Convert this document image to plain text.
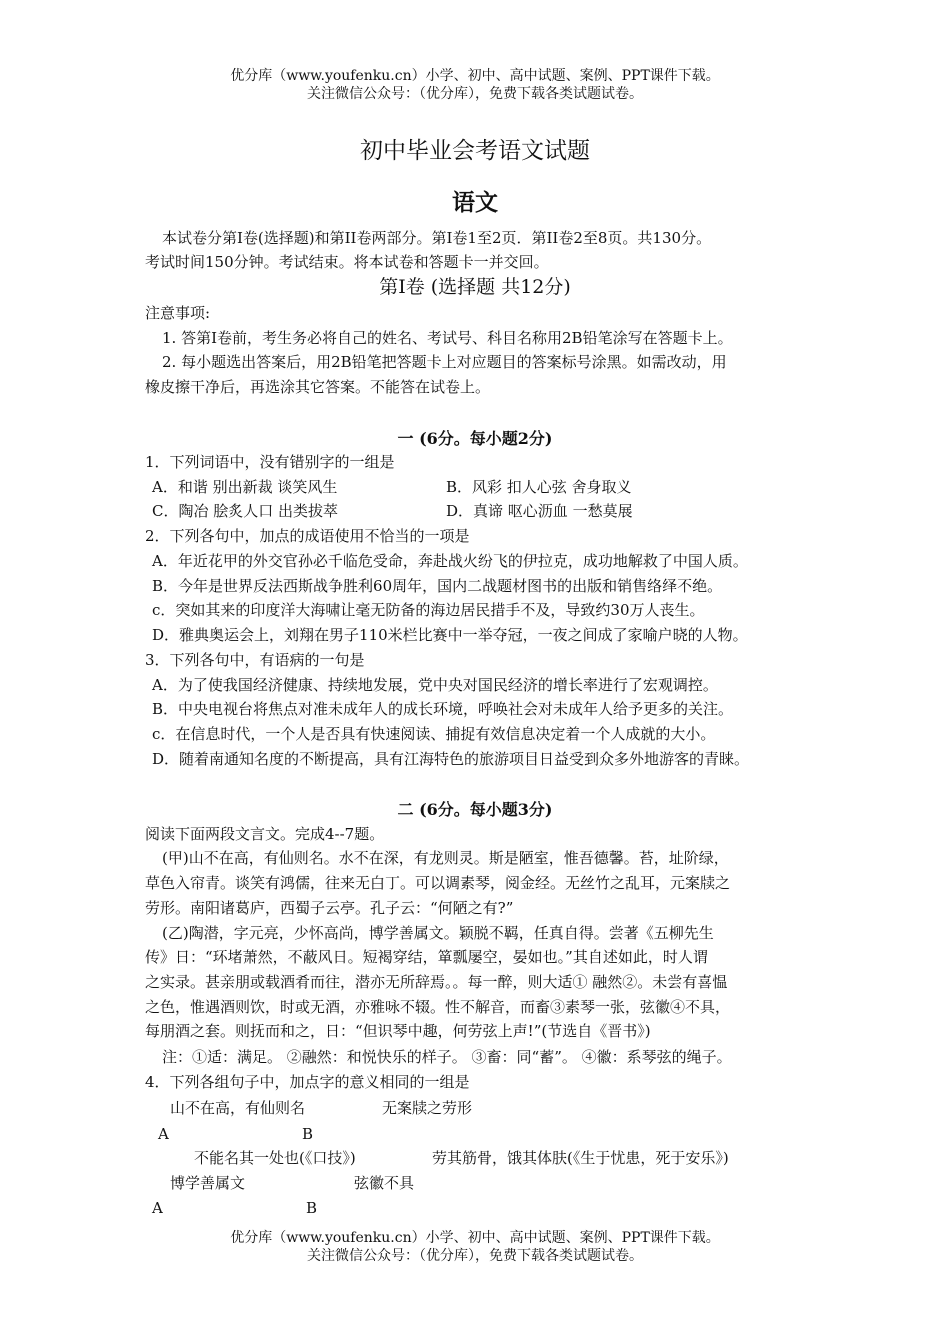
优分库（www.youfenku.cn）小学、初中、高中试题、案例、PPT课件下载。
关注微信公众号：（优分库），免费下载各类试题试卷。
初中毕业会考语文试题
语文
本试卷分第I卷(选择题)和第II卷两部分。第I卷1至2页．第II卷2至8页。共130分。
考试时间150分钟。考试结束。将本试卷和答题卡一并交回。
第I卷 (选择题 共12分)
注意事项:
1. 答第I卷前，考生务必将自己的姓名、考试号、科目名称用2B铅笔涂写在答题卡上。
2. 每小题选出答案后，用2B铅笔把答题卡上对应题目的答案标号涂黑。如需改动，用
橡皮擦干净后，再选涂其它答案。不能答在试卷上。
一 (6分。每小题2分)
1．下列词语中，没有错别字的一组是
A．和谐 别出新裁 谈笑风生	B．风彩 扣人心弦 舍身取义
C．陶冶 脍炙人口 出类拔萃	D．真谛 呕心沥血 一愁莫展
2．下列各句中，加点的成语使用不恰当的一项是
A．年近花甲的外交官孙必千临危受命，奔赴战火纷飞的伊拉克，成功地解救了中国人质。
B．今年是世界反法西斯战争胜利60周年，国内二战题材图书的出版和销售络绎不绝。
c．突如其来的印度洋大海啸让毫无防备的海边居民措手不及，导致约30万人丧生。
D．雅典奥运会上，刘翔在男子110米栏比赛中一举夺冠，一夜之间成了家喻户晓的人物。
3．下列各句中，有语病的一句是
A．为了使我国经济健康、持续地发展，党中央对国民经济的增长率进行了宏观调控。
B．中央电视台将焦点对准未成年人的成长环境，呼唤社会对未成年人给予更多的关注。
c．在信息时代，一个人是否具有快速阅读、捕捉有效信息决定着一个人成就的大小。
D．随着南通知名度的不断提高，具有江海特色的旅游项目日益受到众多外地游客的青睐。
二 (6分。每小题3分)
阅读下面两段文言文。完成4--7题。
(甲)山不在高，有仙则名。水不在深，有龙则灵。斯是陋室，惟吾德馨。苔，址阶绿，
草色入帘青。谈笑有鸿儒，往来无白丁。可以调素琴，阅金经。无丝竹之乱耳，元案牍之
劳形。南阳诸葛庐，西蜀子云亭。孔子云：“何陋之有?”
(乙)陶潜，字元亮，少怀高尚，博学善属文。颖脱不羁，任真自得。尝著《五柳先生
传》日：“环堵萧然，不蔽风日。短褐穿结，箪瓢屡空，晏如也。”其自述如此，时人谓
之实录。甚亲朋或载酒肴而往，潜亦无所辞焉。。每一醉，则大适① 融然②。未尝有喜愠
之色，惟遇酒则饮，时或无酒，亦雅咏不辍。性不解音，而畜③素琴一张，弦徽④不具，
每朋酒之套。则抚而和之，日：“但识琴中趣，何劳弦上声!”(节选自《晋书》)
注：①适：满足。 ②融然：和悦快乐的样子。 ③畜：同“蓄”。 ④徽：系琴弦的绳子。
4．下列各组句子中，加点字的意义相同的一组是
山不在高，有仙则名	无案牍之劳形
A	B
不能名其一处也(《口技》)	劳其筋骨，饿其体肤(《生于忧患，死于安乐》)
博学善属文	弦徽不具
A	B
优分库（www.youfenku.cn）小学、初中、高中试题、案例、PPT课件下载。
关注微信公众号：（优分库），免费下载各类试题试卷。
